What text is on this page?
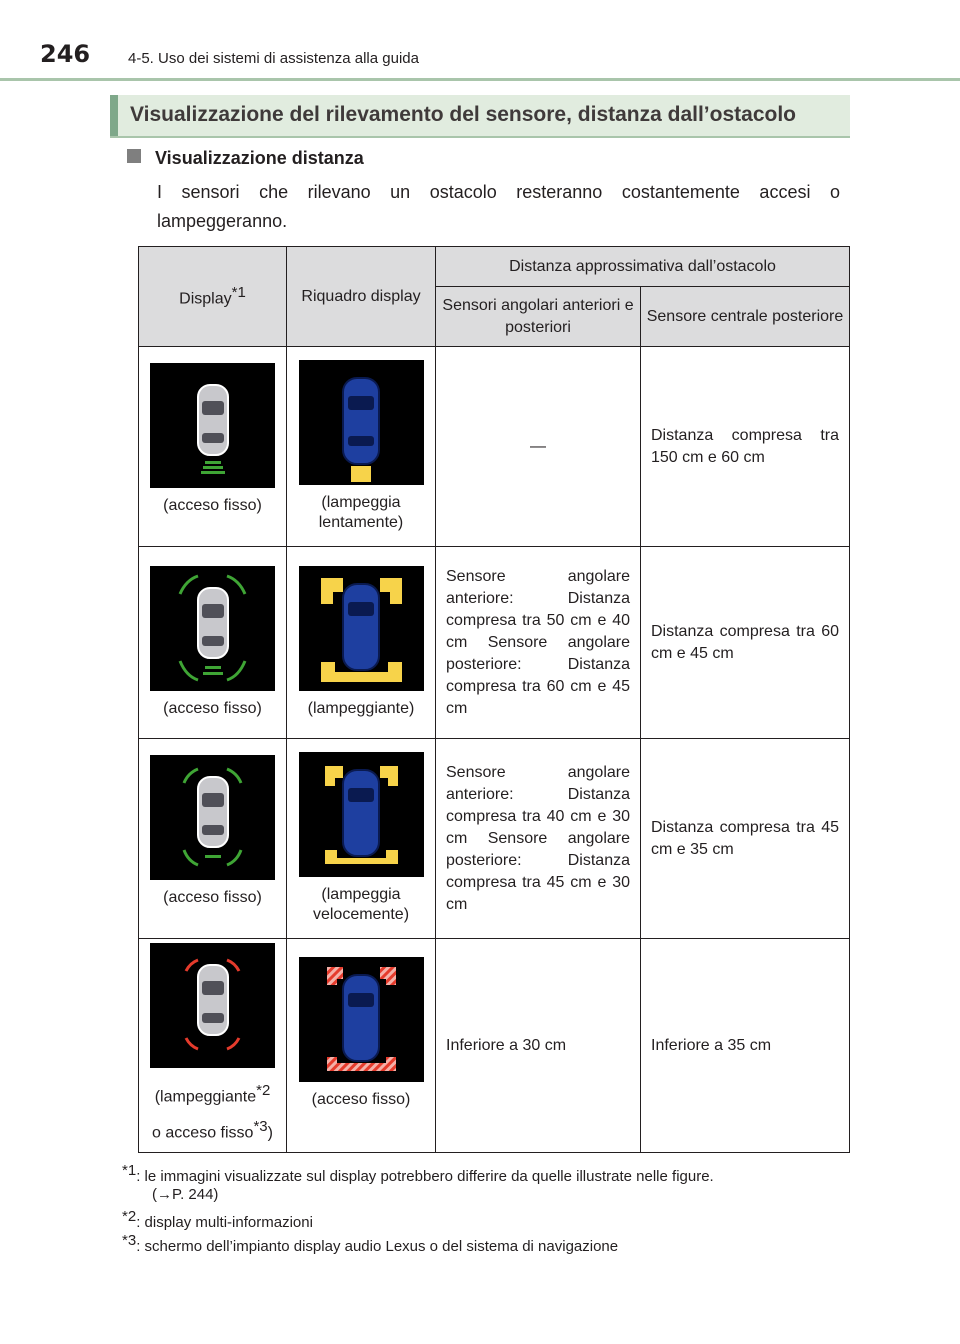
246	4-5. Uso dei sistemi di assistenza alla guida
Visualizzazione del rilevamento del sensore, distanza dall’ostacolo
Visualizzazione distanza
I sensori che rilevano un ostacolo resteranno costantemente accesi o lampeggeranno.
Display$^{*1}$	Riquadro display	Distanza approssimativa dall’ostacolo	
		Sensori angolari anteriori e posteriori	Sensore centrale posteriore

(acceso fisso)	(lampeggia lentamente)	—	Distanza compresa tra 150 cm e 60 cm

(acceso fisso)	(lampeggiante)	Sensore angolare anteriore: Distanza compresa tra 50 cm e 40 cm Sensore angolare posteriore: Distanza compresa tra 60 cm e 45 cm	Distanza compresa tra 60 cm e 45 cm

(acceso fisso)	(lampeggia velocemente)	Sensore angolare anteriore: Distanza compresa tra 40 cm e 30 cm Sensore angolare posteriore: Distanza compresa tra 45 cm e 30 cm	Distanza compresa tra 45 cm e 35 cm

(lampeggiante$^{*2}$
o acceso fisso$^{*3}$)	(acceso fisso)	Inferiore a 30 cm	Inferiore a 35 cm
$^{*1}$: le immagini visualizzate sul display potrebbero differire da quelle illustrate nelle figure.
(→P. 244)
$^{*2}$: display multi-informazioni
$^{*3}$: schermo dell’impianto display audio Lexus o del sistema di navigazione
